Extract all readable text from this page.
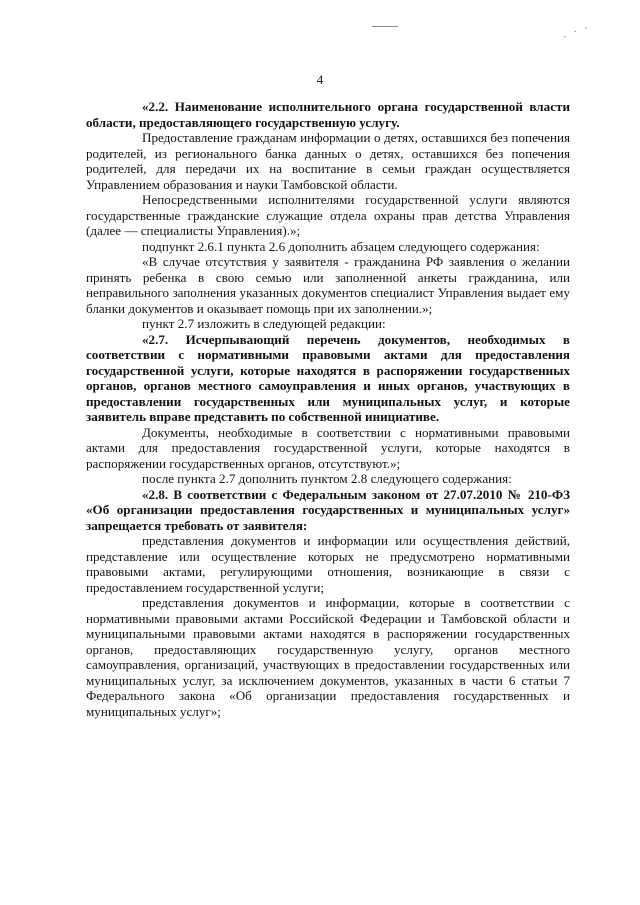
ˎ · ˊ
4

«2.2. Наименование исполнительного органа государственной власти области, предоставляющего государственную услугу.

Предоставление гражданам информации о детях, оставшихся без попечения родителей, из регионального банка данных о детях, оставшихся без попечения родителей, для передачи их на воспитание в семьи граждан осуществляется Управлением образования и науки Тамбовской области.

Непосредственными исполнителями государственной услуги являются государственные гражданские служащие отдела охраны прав детства Управления (далее — специалисты Управления).»;

подпункт 2.6.1 пункта 2.6 дополнить абзацем следующего содержания:

«В случае отсутствия у заявителя - гражданина РФ заявления о желании принять ребенка в свою семью или заполненной анкеты гражданина, или неправильного заполнения указанных документов специалист Управления выдает ему бланки документов и оказывает помощь при их заполнении.»;

пункт 2.7 изложить в следующей редакции:

«2.7. Исчерпывающий перечень документов, необходимых в соответствии с нормативными правовыми актами для предоставления государственной услуги, которые находятся в распоряжении государственных органов, органов местного самоуправления и иных органов, участвующих в предоставлении государственных или муниципальных услуг, и которые заявитель вправе представить по собственной инициативе.

Документы, необходимые в соответствии с нормативными правовыми актами для предоставления государственной услуги, которые находятся в распоряжении государственных органов, отсутствуют.»;

после пункта 2.7 дополнить пунктом 2.8 следующего содержания:

«2.8. В соответствии с Федеральным законом от 27.07.2010 № 210-ФЗ «Об организации предоставления государственных и муниципальных услуг» запрещается требовать от заявителя:

представления документов и информации или осуществления действий, представление или осуществление которых не предусмотрено нормативными правовыми актами, регулирующими отношения, возникающие в связи с предоставлением государственной услуги;

представления документов и информации, которые в соответствии с нормативными правовыми актами Российской Федерации и Тамбовской области и муниципальными правовыми актами находятся в распоряжении государственных органов, предоставляющих государственную услугу, органов местного самоуправления, организаций, участвующих в предоставлении государственных или муниципальных услуг, за исключением документов, указанных в части 6 статьи 7 Федерального закона «Об организации предоставления государственных и муниципальных услуг»;
